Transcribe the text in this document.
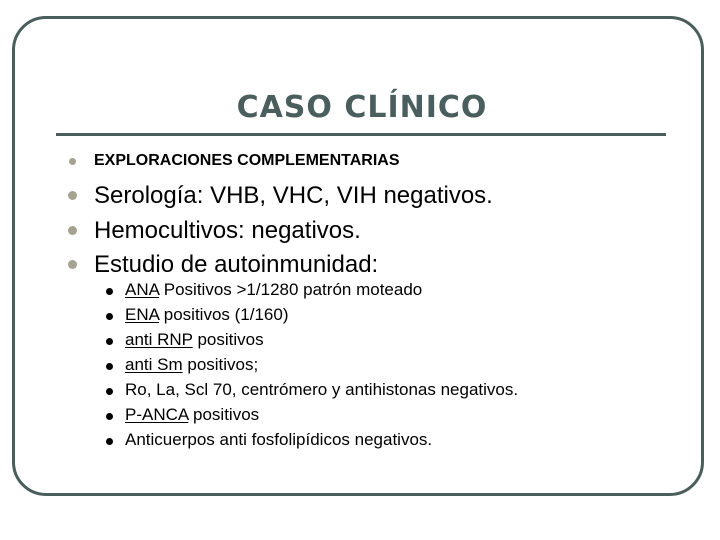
CASO CLÍNICO
EXPLORACIONES COMPLEMENTARIAS
Serología: VHB, VHC, VIH negativos.
Hemocultivos: negativos.
Estudio de autoinmunidad:
ANA Positivos >1/1280 patrón moteado
ENA positivos (1/160)
anti RNP positivos
anti Sm positivos;
Ro, La, Scl 70, centrómero y antihistonas negativos.
P-ANCA positivos
Anticuerpos anti fosfolipídicos negativos.
